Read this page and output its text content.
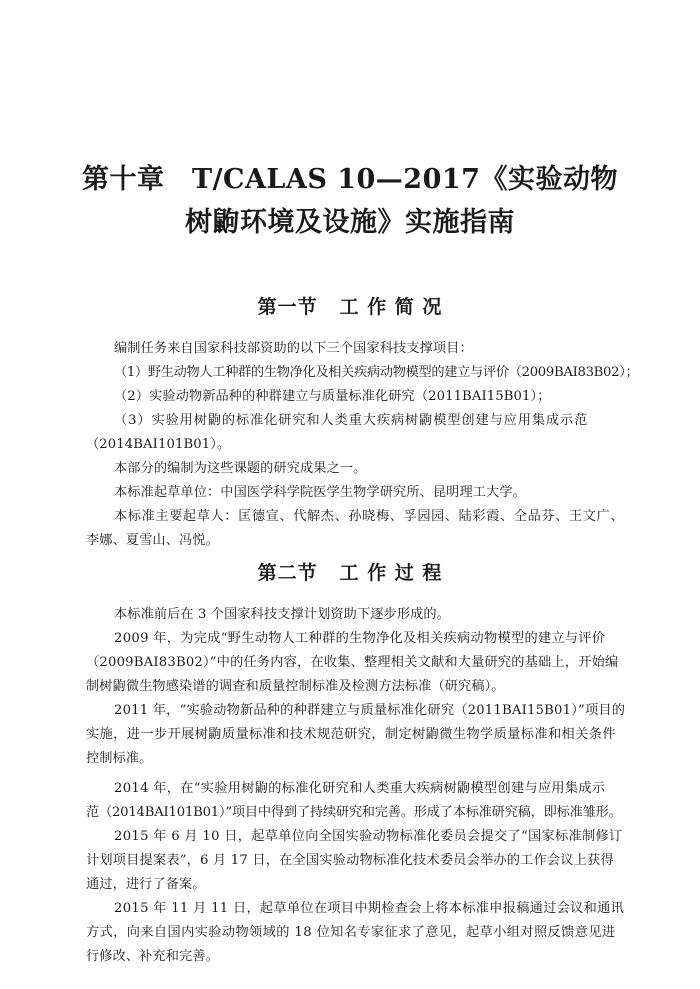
第十章　T/CALAS 10—2017《实验动物
树鼩环境及设施》实施指南
第一节 工 作 简 况
编制任务来自国家科技部资助的以下三个国家科技支撑项目：
（1）野生动物人工种群的生物净化及相关疾病动物模型的建立与评价（2009BAI83B02）；
（2）实验动物新品种的种群建立与质量标准化研究（2011BAI15B01）；
（3）实验用树鼩的标准化研究和人类重大疾病树鼩模型创建与应用集成示范
（2014BAI101B01）。
本部分的编制为这些课题的研究成果之一。
本标准起草单位：中国医学科学院医学生物学研究所、昆明理工大学。
本标准主要起草人：匡德宣、代解杰、孙晓梅、孚园园、陆彩霞、仝品芬、王文广、
李娜、夏雪山、冯悦。
第二节 工 作 过 程
本标准前后在 3 个国家科技支撑计划资助下逐步形成的。
2009 年，为完成“野生动物人工种群的生物净化及相关疾病动物模型的建立与评价
（2009BAI83B02）”中的任务内容，在收集、整理相关文献和大量研究的基础上，开始编
制树鼩微生物感染谱的调查和质量控制标准及检测方法标准（研究稿）。
2011 年，“实验动物新品种的种群建立与质量标准化研究（2011BAI15B01）”项目的
实施，进一步开展树鼩质量标准和技术规范研究，制定树鼩微生物学质量标准和相关条件
控制标准。
2014 年，在“实验用树鼩的标准化研究和人类重大疾病树鼩模型创建与应用集成示
范（2014BAI101B01）”项目中得到了持续研究和完善。形成了本标准研究稿，即标准雏形。
2015 年 6 月 10 日，起草单位向全国实验动物标准化委员会提交了“国家标准制修订
计划项目提案表”，6 月 17 日，在全国实验动物标准化技术委员会举办的工作会议上获得
通过，进行了备案。
2015 年 11 月 11 日，起草单位在项目中期检查会上将本标准申报稿通过会议和通讯
方式，向来自国内实验动物领域的 18 位知名专家征求了意见，起草小组对照反馈意见进
行修改、补充和完善。
